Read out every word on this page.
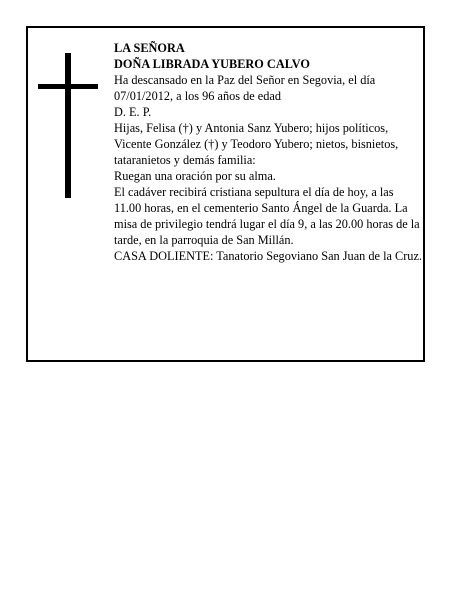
LA SEÑORA

DOÑA LIBRADA YUBERO CALVO

Ha descansado en la Paz del Señor en Segovia, el día 07/01/2012, a los 96 años de edad

D. E. P.

Hijas, Felisa (†) y Antonia Sanz Yubero; hijos políticos, Vicente González (†) y Teodoro Yubero; nietos, bisnietos, tataranietos y demás familia:

Ruegan una oración por su alma.

El cadáver recibirá cristiana sepultura el día de hoy, a las 11.00 horas, en el cementerio Santo Ángel de la Guarda. La misa de privilegio tendrá lugar el día 9, a las 20.00 horas de la tarde, en la parroquia de San Millán.

CASA DOLIENTE: Tanatorio Segoviano San Juan de la Cruz.
